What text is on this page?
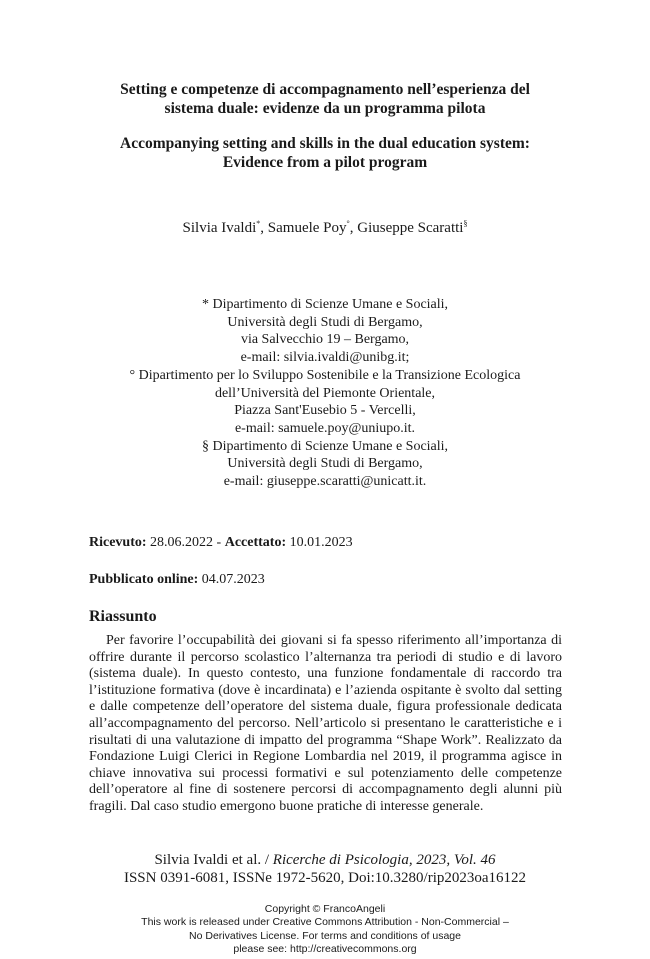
Setting e competenze di accompagnamento nell’esperienza del
sistema duale: evidenze da un programma pilota
Accompanying setting and skills in the dual education system:
Evidence from a pilot program
Silvia Ivaldi*, Samuele Poy°, Giuseppe Scaratti§
* Dipartimento di Scienze Umane e Sociali,
Università degli Studi di Bergamo,
via Salvecchio 19 – Bergamo,
e-mail: silvia.ivaldi@unibg.it;
° Dipartimento per lo Sviluppo Sostenibile e la Transizione Ecologica
dell’Università del Piemonte Orientale,
Piazza Sant'Eusebio 5 - Vercelli,
e-mail: samuele.poy@uniupo.it.
§ Dipartimento di Scienze Umane e Sociali,
Università degli Studi di Bergamo,
e-mail: giuseppe.scaratti@unicatt.it.
Ricevuto: 28.06.2022 - Accettato: 10.01.2023
Pubblicato online: 04.07.2023
Riassunto

Per favorire l’occupabilità dei giovani si fa spesso riferimento all’importanza di offrire durante il percorso scolastico l’alternanza tra periodi di studio e di lavoro (sistema duale). In questo contesto, una funzione fondamentale di raccordo tra l’istituzione formativa (dove è incardinata) e l’azienda ospitante è svolto dal setting e dalle competenze dell’operatore del sistema duale, figura professionale dedicata all’accompagnamento del percorso. Nell’articolo si presentano le caratteristiche e i risultati di una valutazione di impatto del programma “Shape Work”. Realizzato da Fondazione Luigi Clerici in Regione Lombardia nel 2019, il programma agisce in chiave innovativa sui processi formativi e sul potenziamento delle competenze dell’operatore al fine di sostenere percorsi di accompagnamento degli alunni più fragili. Dal caso studio emergono buone pratiche di interesse generale.

Silvia Ivaldi et al. / Ricerche di Psicologia, 2023, Vol. 46
ISSN 0391-6081, ISSNe 1972-5620, Doi:10.3280/rip2023oa16122
Copyright © FrancoAngeli
This work is released under Creative Commons Attribution - Non-Commercial –
No Derivatives License. For terms and conditions of usage
please see: http://creativecommons.org
